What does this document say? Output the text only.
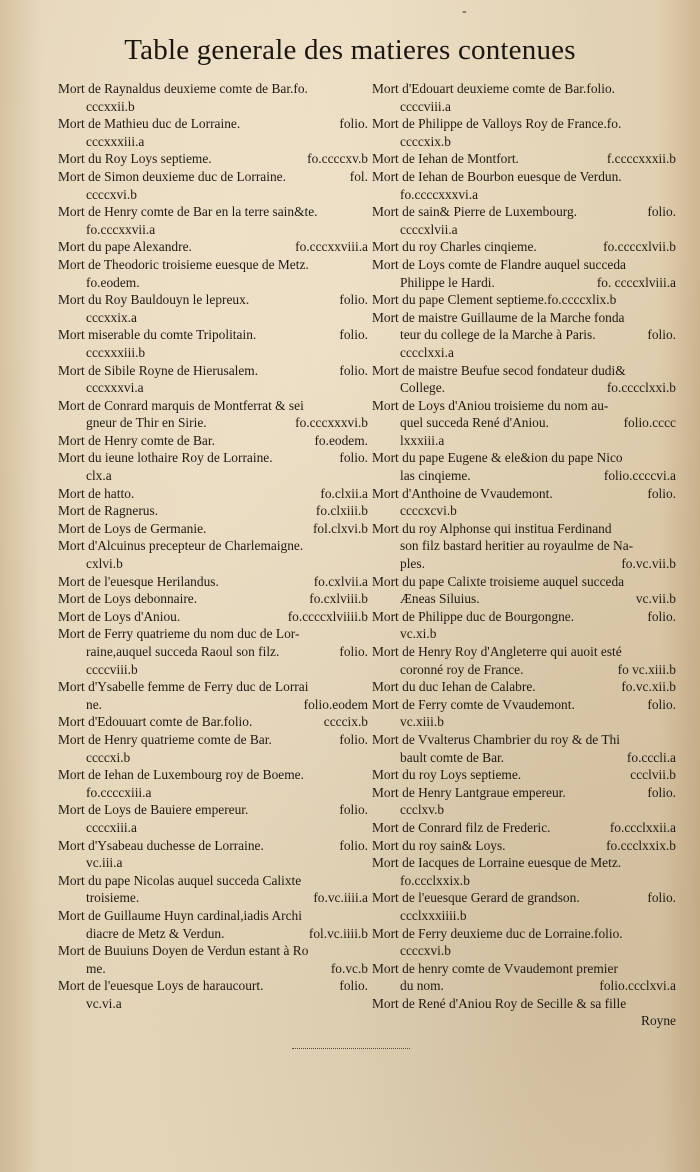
-
Table generale des matieres contenues
Mort de Raynaldus deuxieme comte de Bar.fo.
cccxxii.b
Mort de Mathieu duc de Lorraine.	folio.
cccxxxiii.a
Mort du Roy Loys septieme.	fo.ccccxv.b
Mort de Simon deuxieme duc de Lorraine.	fol.
ccccxvi.b
Mort de Henry comte de Bar en la terre sain&te.
fo.cccxxvii.a
Mort du pape Alexandre.	fo.cccxxviii.a
Mort de Theodoric troisieme euesque de Metz.
fo.eodem.
Mort du Roy Bauldouyn le lepreux.	folio.
cccxxix.a
Mort miserable du comte Tripolitain.	folio.
cccxxxiii.b
Mort de Sibile Royne de Hierusalem.	folio.
cccxxxvi.a
Mort de Conrard marquis de Montferrat & sei
gneur de Thir en Sirie.	fo.cccxxxvi.b
Mort de Henry comte de Bar.	fo.eodem.
Mort du ieune lothaire Roy de Lorraine.	folio.
clx.a
Mort de hatto.	fo.clxii.a
Mort de Ragnerus.	fo.clxiii.b
Mort de Loys de Germanie.	fol.clxvi.b
Mort d'Alcuinus precepteur de Charlemaigne.
cxlvi.b
Mort de l'euesque Herilandus.	fo.cxlvii.a
Mort de Loys debonnaire.	fo.cxlviii.b
Mort de Loys d'Aniou.	fo.ccccxlviiii.b
Mort de Ferry quatrieme du nom duc de Lor-
raine,auquel succeda Raoul son filz.	folio.
ccccviii.b
Mort d'Ysabelle femme de Ferry duc de Lorrai
ne.	folio.eodem
Mort d'Edouuart comte de Bar.folio.	ccccix.b
Mort de Henry quatrieme comte de Bar.	folio.
ccccxi.b
Mort de Iehan de Luxembourg roy de Boeme.
fo.ccccxiii.a
Mort de Loys de Bauiere empereur.	folio.
ccccxiii.a
Mort d'Ysabeau duchesse de Lorraine.	folio.
vc.iii.a
Mort du pape Nicolas auquel succeda Calixte
troisieme.	fo.vc.iiii.a
Mort de Guillaume Huyn cardinal,iadis Archi
diacre de Metz & Verdun.	fol.vc.iiii.b
Mort de Buuiuns Doyen de Verdun estant à Ro
me.	fo.vc.b
Mort de l'euesque Loys de haraucourt.	folio.
vc.vi.a
Mort d'Edouart deuxieme comte de Bar.folio.
ccccviii.a
Mort de Philippe de Valloys Roy de France.fo.
ccccxix.b
Mort de Iehan de Montfort.	f.ccccxxxii.b
Mort de Iehan de Bourbon euesque de Verdun.
fo.ccccxxxvi.a
Mort de sain& Pierre de Luxembourg.	folio.
ccccxlvii.a
Mort du roy Charles cinqieme.	fo.ccccxlvii.b
Mort de Loys comte de Flandre auquel succeda
Philippe le Hardi.	fo. ccccxlviii.a
Mort du pape Clement septieme.fo.ccccxlix.b
Mort de maistre Guillaume de la Marche fonda
teur du college de la Marche à Paris.	folio.
cccclxxi.a
Mort de maistre Beufue secod fondateur dudi&
College.	fo.cccclxxi.b
Mort de Loys d'Aniou troisieme du nom au-
quel succeda René d'Aniou.	folio.cccc
lxxxiii.a
Mort du pape Eugene & ele&ion du pape Nico
las cinqieme.	folio.ccccvi.a
Mort d'Anthoine de Vvaudemont.	folio.
ccccxcvi.b
Mort du roy Alphonse qui institua Ferdinand
son filz bastard heritier au royaulme de Na-
ples.	fo.vc.vii.b
Mort du pape Calixte troisieme auquel succeda
Æneas Siluius.	vc.vii.b
Mort de Philippe duc de Bourgongne.	folio.
vc.xi.b
Mort de Henry Roy d'Angleterre qui auoit esté
coronné roy de France.	fo vc.xiii.b
Mort du duc Iehan de Calabre.	fo.vc.xii.b
Mort de Ferry comte de Vvaudemont.	folio.
vc.xiii.b
Mort de Vvalterus Chambrier du roy & de Thi
bault comte de Bar.	fo.cccli.a
Mort du roy Loys septieme.	ccclvii.b
Mort de Henry Lantgraue empereur.	folio.
ccclxv.b
Mort de Conrard filz de Frederic.	fo.ccclxxii.a
Mort du roy sain& Loys.	fo.ccclxxix.b
Mort de Iacques de Lorraine euesque de Metz.
fo.ccclxxix.b
Mort de l'euesque Gerard de grandson.	folio.
ccclxxxiiii.b
Mort de Ferry deuxieme duc de Lorraine.folio.
ccccxvi.b
Mort de henry comte de Vvaudemont premier
du nom.	folio.ccclxvi.a
Mort de René d'Aniou Roy de Secille & sa fille
Royne
